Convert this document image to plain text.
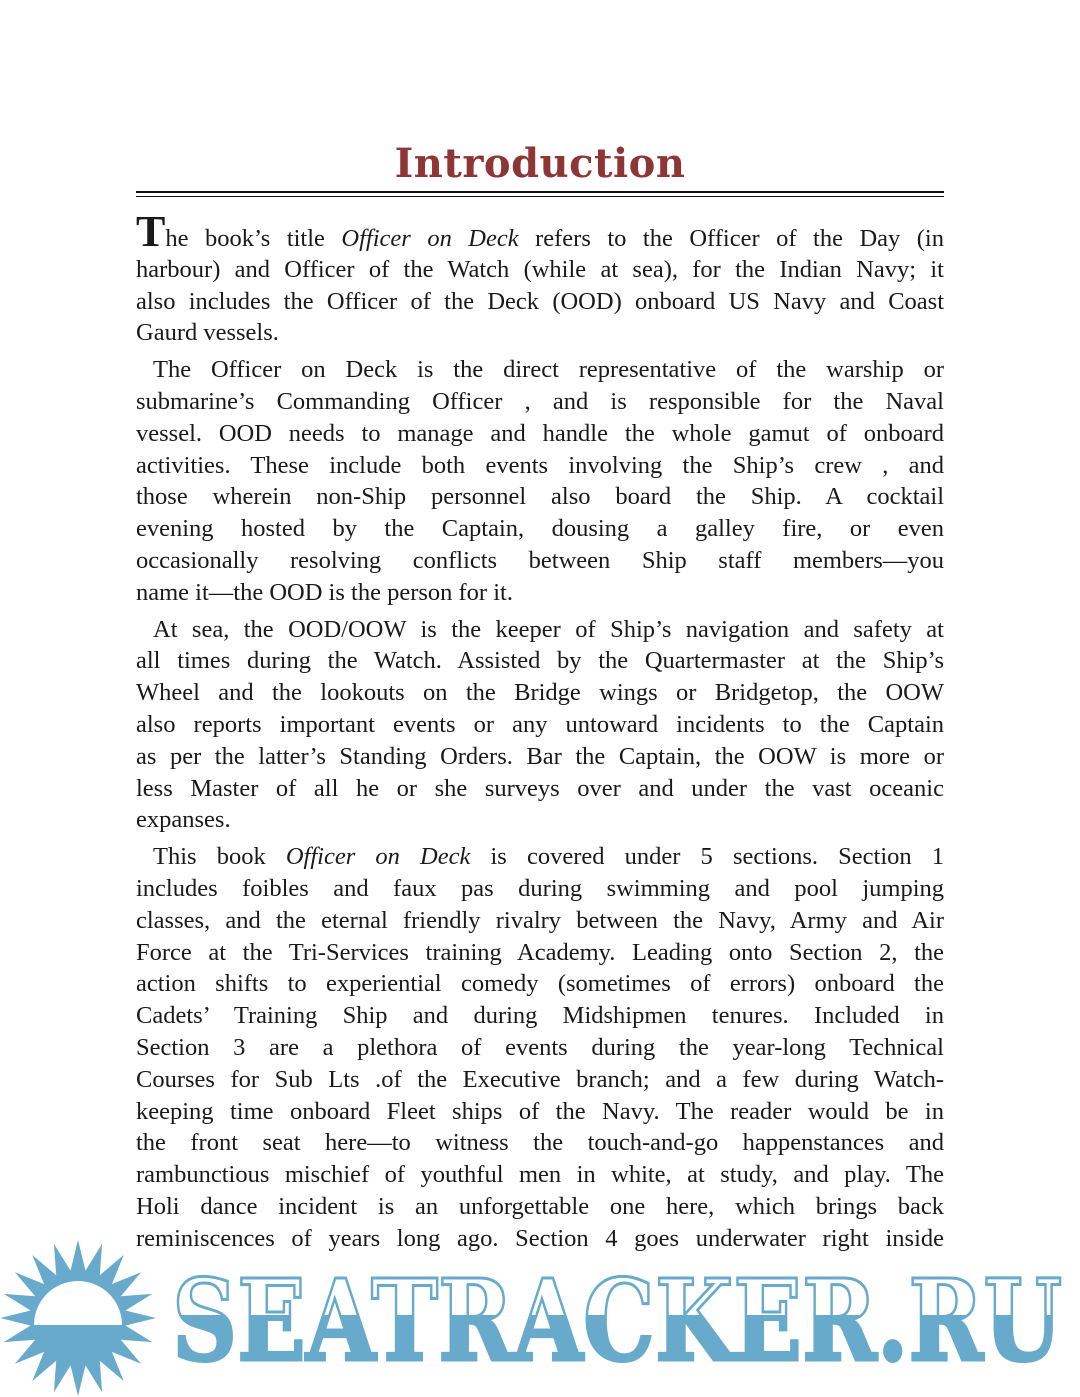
Introduction
The book’s title Officer on Deck refers to the Officer of the Day (in
harbour) and Officer of the Watch (while at sea), for the Indian Navy; it
also includes the Officer of the Deck (OOD) onboard US Navy and Coast
Gaurd vessels.
The Officer on Deck is the direct representative of the warship or
submarine’s Commanding Officer , and is responsible for the Naval
vessel. OOD needs to manage and handle the whole gamut of onboard
activities. These include both events involving the Ship’s crew , and
those wherein non-Ship personnel also board the Ship. A cocktail
evening hosted by the Captain, dousing a galley fire, or even
occasionally resolving conflicts between Ship staff members—you
name it—the OOD is the person for it.
At sea, the OOD/OOW is the keeper of Ship’s navigation and safety at
all times during the Watch. Assisted by the Quartermaster at the Ship’s
Wheel and the lookouts on the Bridge wings or Bridgetop, the OOW
also reports important events or any untoward incidents to the Captain
as per the latter’s Standing Orders. Bar the Captain, the OOW is more or
less Master of all he or she surveys over and under the vast oceanic
expanses.
This book Officer on Deck is covered under 5 sections. Section 1
includes foibles and faux pas during swimming and pool jumping
classes, and the eternal friendly rivalry between the Navy, Army and Air
Force at the Tri-Services training Academy. Leading onto Section 2, the
action shifts to experiential comedy (sometimes of errors) onboard the
Cadets’ Training Ship and during Midshipmen tenures. Included in
Section 3 are a plethora of events during the year-long Technical
Courses for Sub Lts .of the Executive branch; and a few during Watch-
keeping time onboard Fleet ships of the Navy. The reader would be in
the front seat here—to witness the touch-and-go happenstances and
rambunctious mischief of youthful men in white, at study, and play. The
Holi dance incident is an unforgettable one here, which brings back
reminiscences of years long ago. Section 4 goes underwater right inside
SEATRACKER.RU
